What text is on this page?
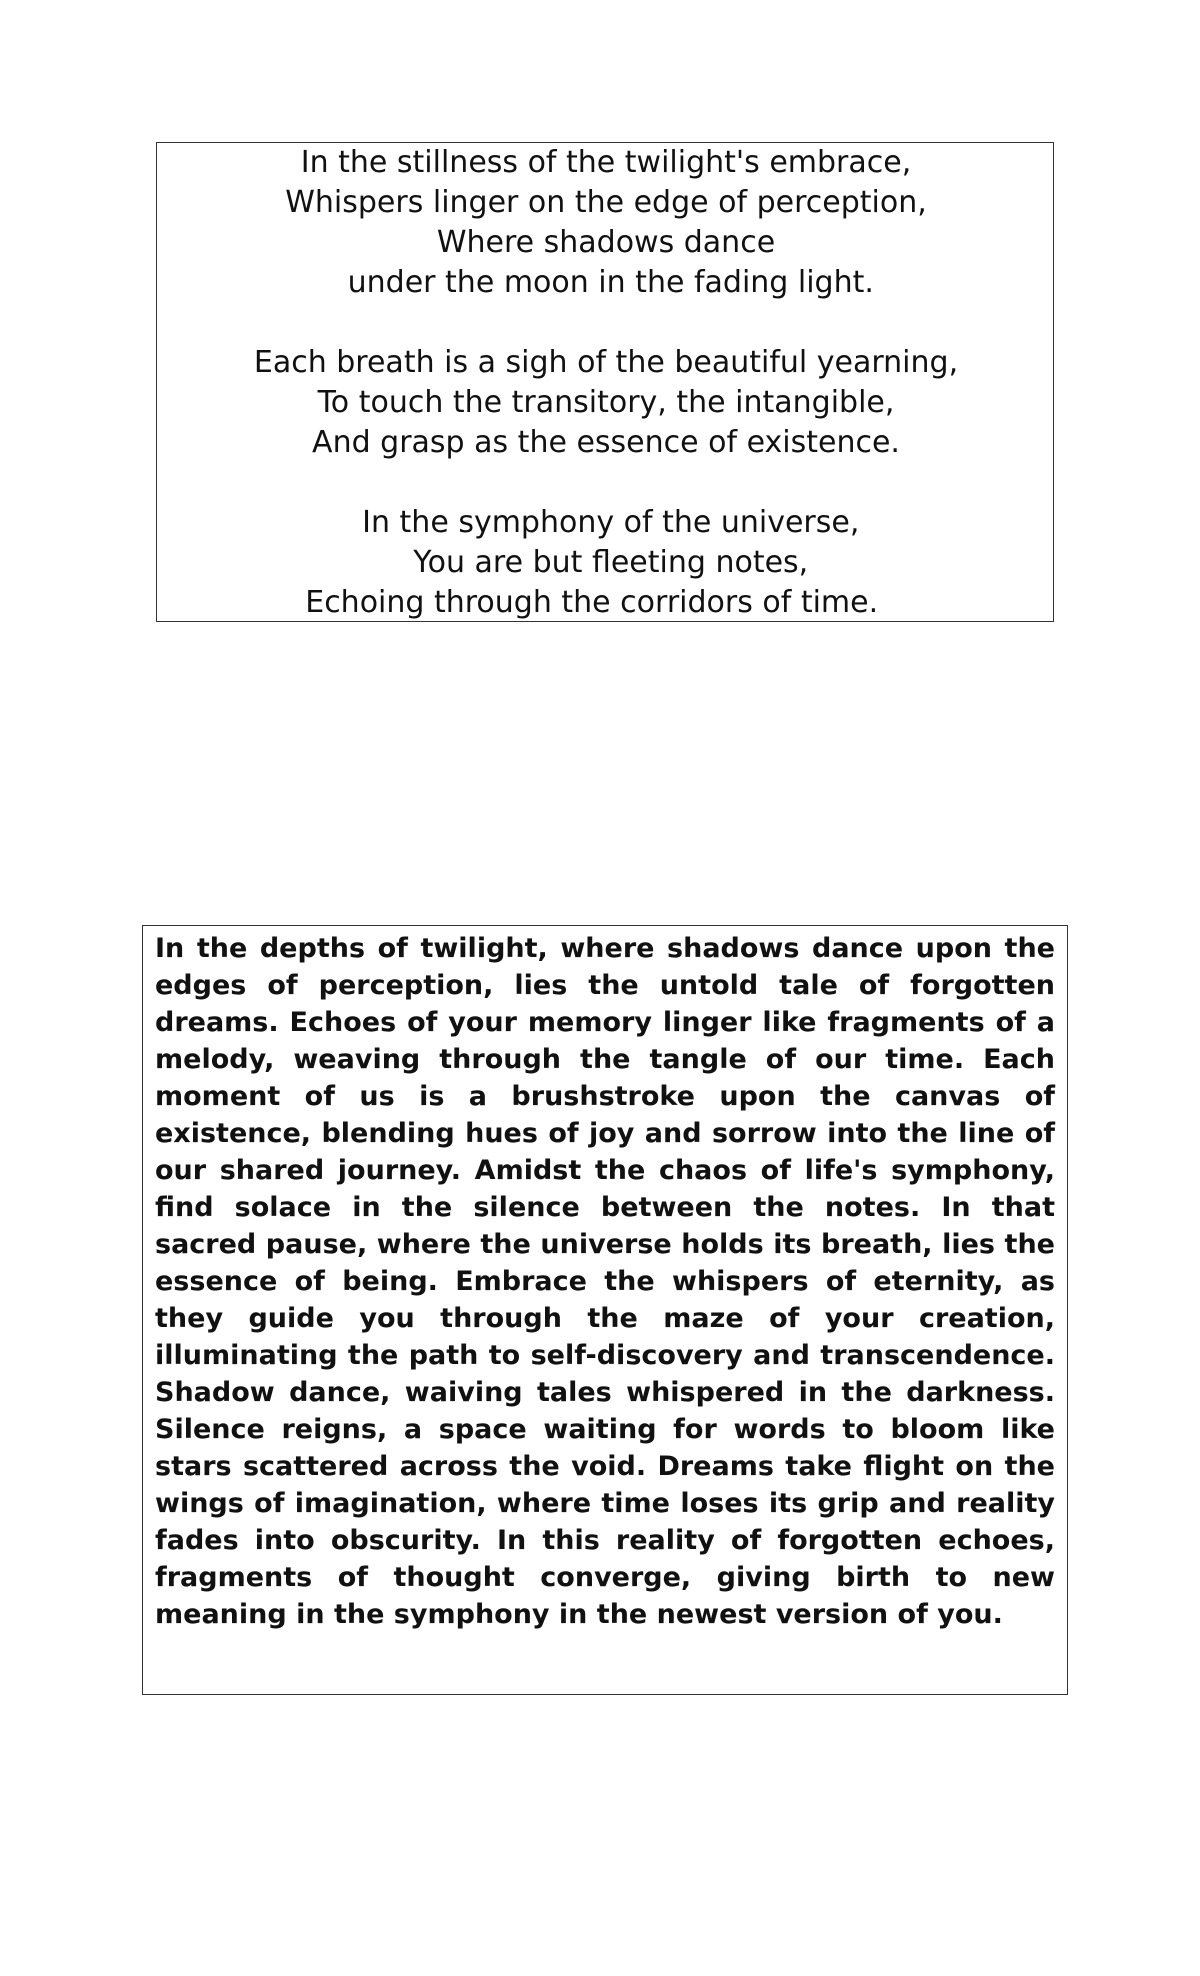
In the stillness of the twilight's embrace,
Whispers linger on the edge of perception,
Where shadows dance
under the moon in the fading light.
Each breath is a sigh of the beautiful yearning,
To touch the transitory, the intangible,
And grasp as the essence of existence.
In the symphony of the universe,
You are but fleeting notes,
Echoing through the corridors of time.

In the depths of twilight, where shadows dance upon the edges of perception, lies the untold tale of forgotten dreams. Echoes of your memory linger like fragments of a melody, weaving through the tangle of our time. Each moment of us is a brushstroke upon the canvas of existence, blending hues of joy and sorrow into the line of our shared journey. Amidst the chaos of life's symphony, find solace in the silence between the notes. In that sacred pause, where the universe holds its breath, lies the essence of being. Embrace the whispers of eternity, as they guide you through the maze of your creation, illuminating the path to self-discovery and transcendence. Shadow dance, waiving tales whispered in the darkness. Silence reigns, a space waiting for words to bloom like stars scattered across the void. Dreams take flight on the wings of imagination, where time loses its grip and reality fades into obscurity. In this reality of forgotten echoes, fragments of thought converge, giving birth to new meaning in the symphony in the newest version of you.
